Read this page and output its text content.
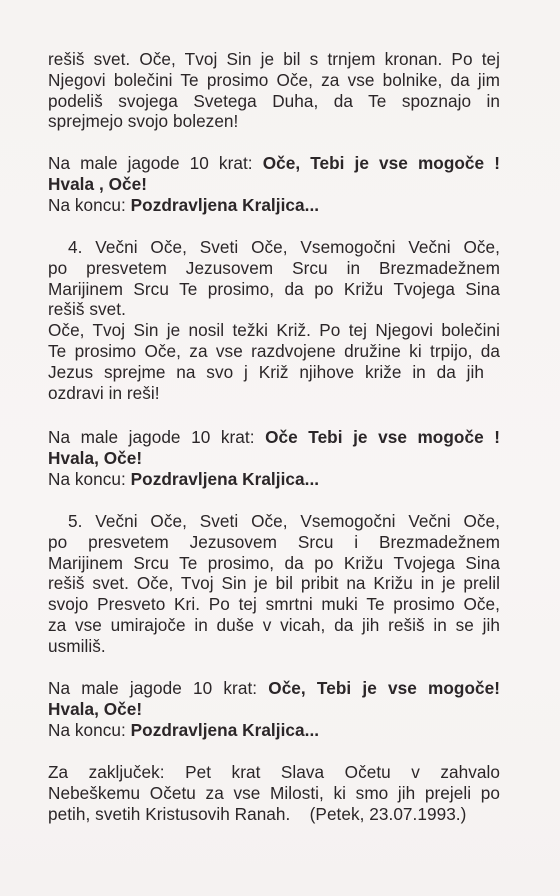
rešiš svet. Oče, Tvoj Sin je bil s trnjem kronan. Po tej
Njegovi bolečini Te prosimo Oče, za vse bolnike, da jim
podeliš svojega Svetega Duha, da Te spoznajo in
sprejmejo svojo bolezen!
Na male jagode 10 krat: Oče, Tebi je vse mogoče !
Hvala , Oče!
Na koncu: Pozdravljena Kraljica...
4. Večni Oče, Sveti Oče, Vsemogočni Večni Oče,
po presvetem Jezusovem Srcu in Brezmadežnem
Marijinem Srcu Te prosimo, da po Križu Tvojega Sina
rešiš svet.
Oče, Tvoj Sin je nosil težki Križ. Po tej Njegovi bolečini
Te prosimo Oče, za vse razdvojene družine ki trpijo, da
Jezus sprejme na svo j Križ njihove križe in da jih
ozdravi in reši!
Na male jagode 10 krat: Oče Tebi je vse mogoče !
Hvala, Oče!
Na koncu: Pozdravljena Kraljica...
5. Večni Oče, Sveti Oče, Vsemogočni Večni Oče,
po presvetem Jezusovem Srcu i Brezmadežnem
Marijinem Srcu Te prosimo, da po Križu Tvojega Sina
rešiš svet. Oče, Tvoj Sin je bil pribit na Križu in je prelil
svojo Presveto Kri. Po tej smrtni muki Te prosimo Oče,
za vse umirajoče in duše v vicah, da jih rešiš in se jih
usmiliš.
Na male jagode 10 krat: Oče, Tebi je vse mogoče!
Hvala, Oče!
Na koncu: Pozdravljena Kraljica...
Za zaključek: Pet krat Slava Očetu v zahvalo
Nebeškemu Očetu za vse Milosti, ki smo jih prejeli po
petih, svetih Kristusovih Ranah.    (Petek, 23.07.1993.)
